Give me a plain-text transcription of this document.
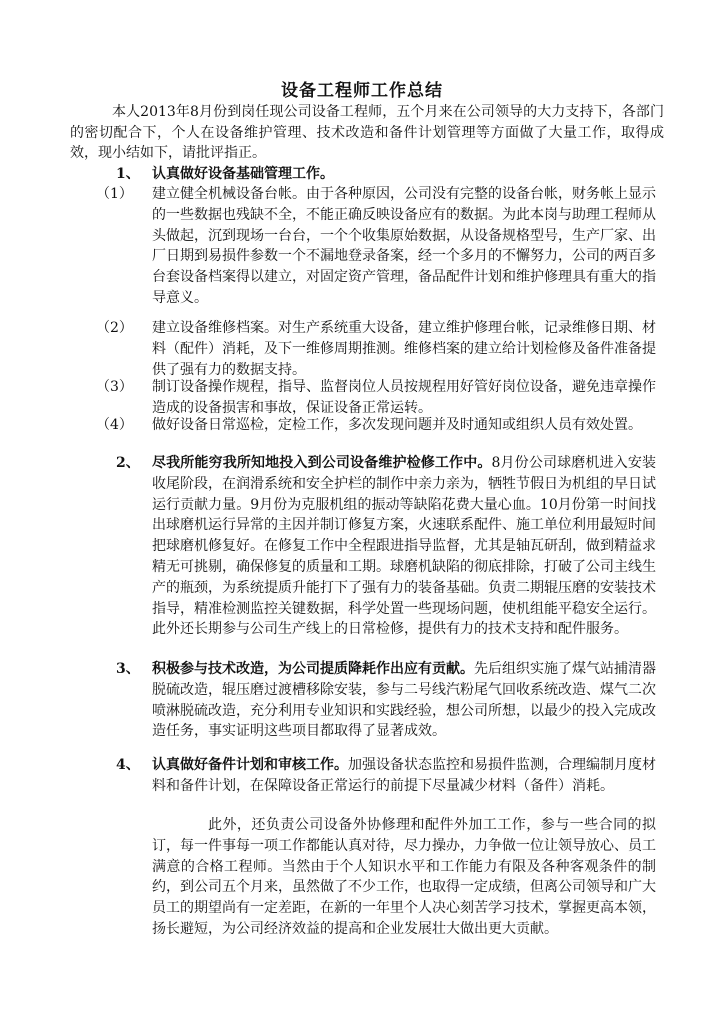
设备工程师工作总结
本人2013年8月份到岗任现公司设备工程师，五个月来在公司领导的大力支持下，各部门的密切配合下，个人在设备维护管理、技术改造和备件计划管理等方面做了大量工作，取得成效，现小结如下，请批评指正。
1、 认真做好设备基础管理工作。
（1） 建立健全机械设备台帐。由于各种原因，公司没有完整的设备台帐，财务帐上显示的一些数据也残缺不全，不能正确反映设备应有的数据。为此本岗与助理工程师从头做起，沉到现场一台台，一个个收集原始数据，从设备规格型号，生产厂家、出厂日期到易损件参数一个不漏地登录备案，经一个多月的不懈努力，公司的两百多台套设备档案得以建立，对固定资产管理，备品配件计划和维护修理具有重大的指导意义。
（2） 建立设备维修档案。对生产系统重大设备，建立维护修理台帐，记录维修日期、材料（配件）消耗，及下一维修周期推测。维修档案的建立给计划检修及备件准备提供了强有力的数据支持。
（3） 制订设备操作规程，指导、监督岗位人员按规程用好管好岗位设备，避免违章操作造成的设备损害和事故，保证设备正常运转。
（4） 做好设备日常巡检，定检工作，多次发现问题并及时通知或组织人员有效处置。
2、 尽我所能穷我所知地投入到公司设备维护检修工作中。8月份公司球磨机进入安装收尾阶段，在润滑系统和安全护栏的制作中亲力亲为，牺牲节假日为机组的早日试运行贡献力量。9月份为克服机组的振动等缺陷花费大量心血。10月份第一时间找出球磨机运行异常的主因并制订修复方案，火速联系配件、施工单位利用最短时间把球磨机修复好。在修复工作中全程跟进指导监督，尤其是轴瓦研刮，做到精益求精无可挑剔，确保修复的质量和工期。球磨机缺陷的彻底排除，打破了公司主线生产的瓶颈，为系统提质升能打下了强有力的装备基础。负责二期辊压磨的安装技术指导，精准检测监控关键数据，科学处置一些现场问题，使机组能平稳安全运行。此外还长期参与公司生产线上的日常检修，提供有力的技术支持和配件服务。
3、 积极参与技术改造，为公司提质降耗作出应有贡献。先后组织实施了煤气站捕清器脱硫改造，辊压磨过渡槽移除安装，参与二号线汽粉尾气回收系统改造、煤气二次喷淋脱硫改造，充分利用专业知识和实践经验，想公司所想，以最少的投入完成改造任务，事实证明这些项目都取得了显著成效。
4、 认真做好备件计划和审核工作。加强设备状态监控和易损件监测，合理编制月度材料和备件计划，在保障设备正常运行的前提下尽量减少材料（备件）消耗。
此外，还负责公司设备外协修理和配件外加工工作，参与一些合同的拟订，每一件事每一项工作都能认真对待，尽力操办，力争做一位让领导放心、员工满意的合格工程师。当然由于个人知识水平和工作能力有限及各种客观条件的制约，到公司五个月来，虽然做了不少工作，也取得一定成绩，但离公司领导和广大员工的期望尚有一定差距，在新的一年里个人决心刻苦学习技术，掌握更高本领，扬长避短，为公司经济效益的提高和企业发展壮大做出更大贡献。
